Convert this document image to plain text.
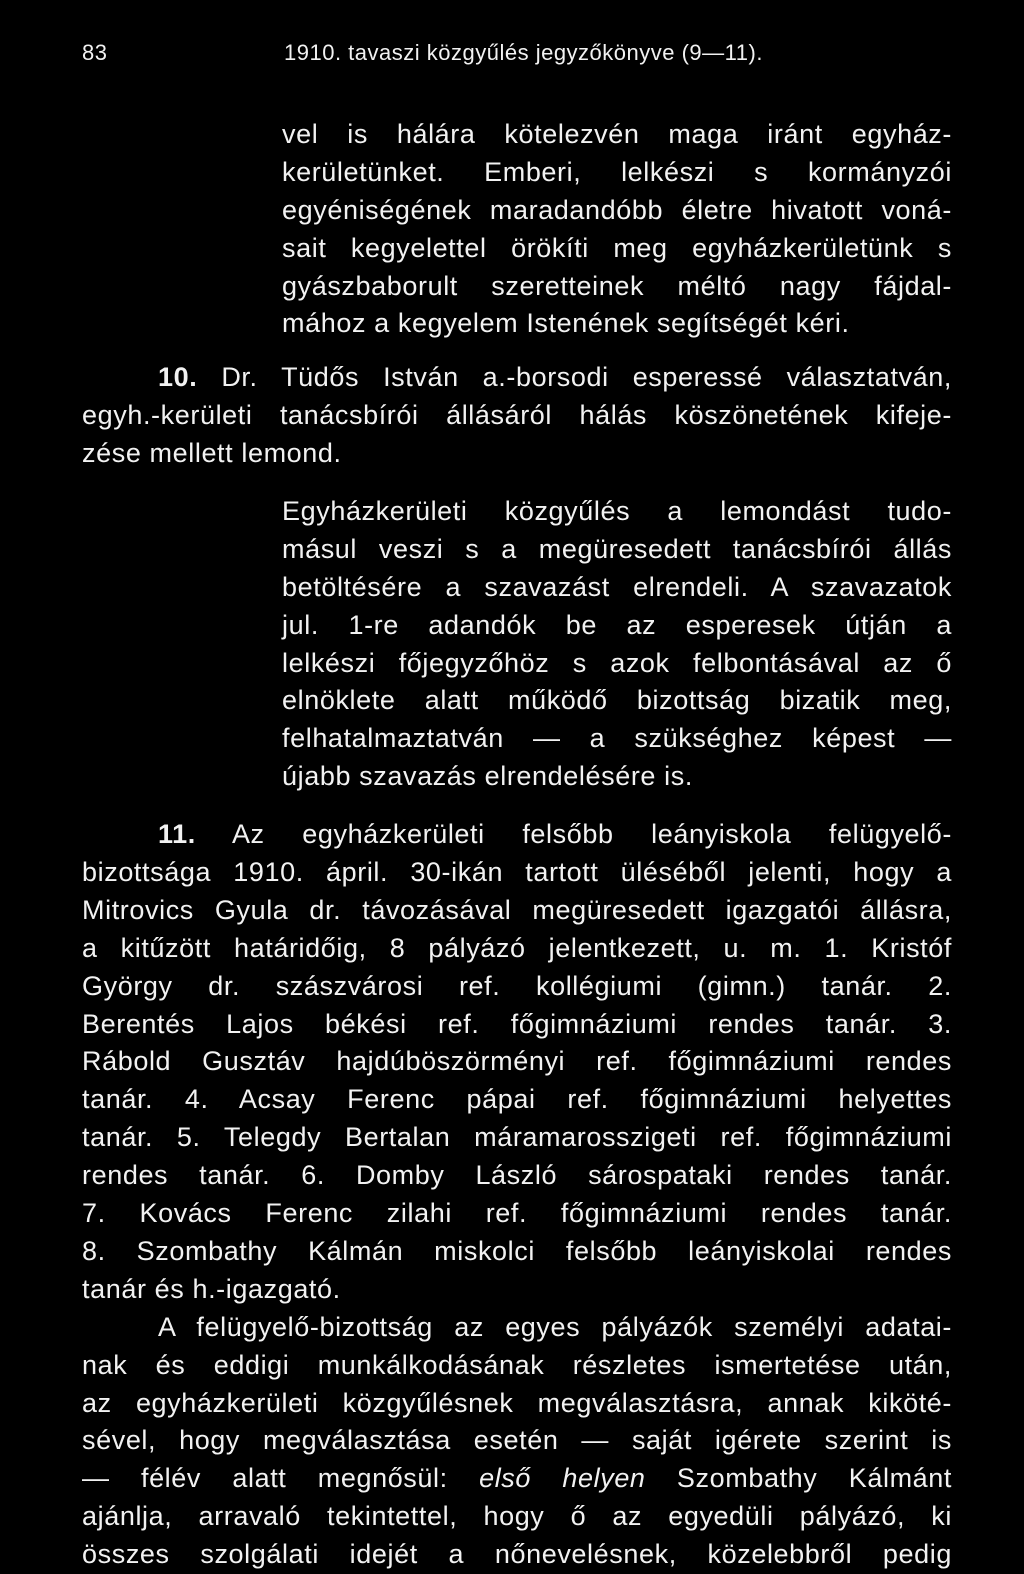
83	1910. tavaszi közgyűlés jegyzőkönyve (9—11).
vel is hálára kötelezvén maga iránt egyház-
kerületünket. Emberi, lelkészi s kormányzói
egyéniségének maradandóbb életre hivatott voná-
sait kegyelettel örökíti meg egyházkerületünk s
gyászbaborult szeretteinek méltó nagy fájdal-
mához a kegyelem Istenének segítségét kéri.
10. Dr. Tüdős István a.-borsodi esperessé választatván,
egyh.-kerületi tanácsbírói állásáról hálás köszönetének kifeje-
zése mellett lemond.
Egyházkerületi közgyűlés a lemondást tudo-
másul veszi s a megüresedett tanácsbírói állás
betöltésére a szavazást elrendeli. A szavazatok
jul. 1-re adandók be az esperesek útján a
lelkészi főjegyzőhöz s azok felbontásával az ő
elnöklete alatt működő bizottság bizatik meg,
felhatalmaztatván — a szükséghez képest —
újabb szavazás elrendelésére is.
11. Az egyházkerületi felsőbb leányiskola felügyelő-
bizottsága 1910. ápril. 30-ikán tartott üléséből jelenti, hogy a
Mitrovics Gyula dr. távozásával megüresedett igazgatói állásra,
a kitűzött határidőig, 8 pályázó jelentkezett, u. m. 1. Kristóf
György dr. szászvárosi ref. kollégiumi (gimn.) tanár. 2.
Berentés Lajos békési ref. főgimnáziumi rendes tanár. 3.
Rábold Gusztáv hajdúböszörményi ref. főgimnáziumi rendes
tanár. 4. Acsay Ferenc pápai ref. főgimnáziumi helyettes
tanár. 5. Telegdy Bertalan máramarosszigeti ref. főgimnáziumi
rendes tanár. 6. Domby László sárospataki rendes tanár.
7. Kovács Ferenc zilahi ref. főgimnáziumi rendes tanár.
8. Szombathy Kálmán miskolci felsőbb leányiskolai rendes
tanár és h.-igazgató.
A felügyelő-bizottság az egyes pályázók személyi adatai-
nak és eddigi munkálkodásának részletes ismertetése után,
az egyházkerületi közgyűlésnek megválasztásra, annak kiköté-
sével, hogy megválasztása esetén — saját igérete szerint is
— félév alatt megnősül: első helyen Szombathy Kálmánt
ajánlja, arravaló tekintettel, hogy ő az egyedüli pályázó, ki
összes szolgálati idejét a nőnevelésnek, közelebbről pedig
